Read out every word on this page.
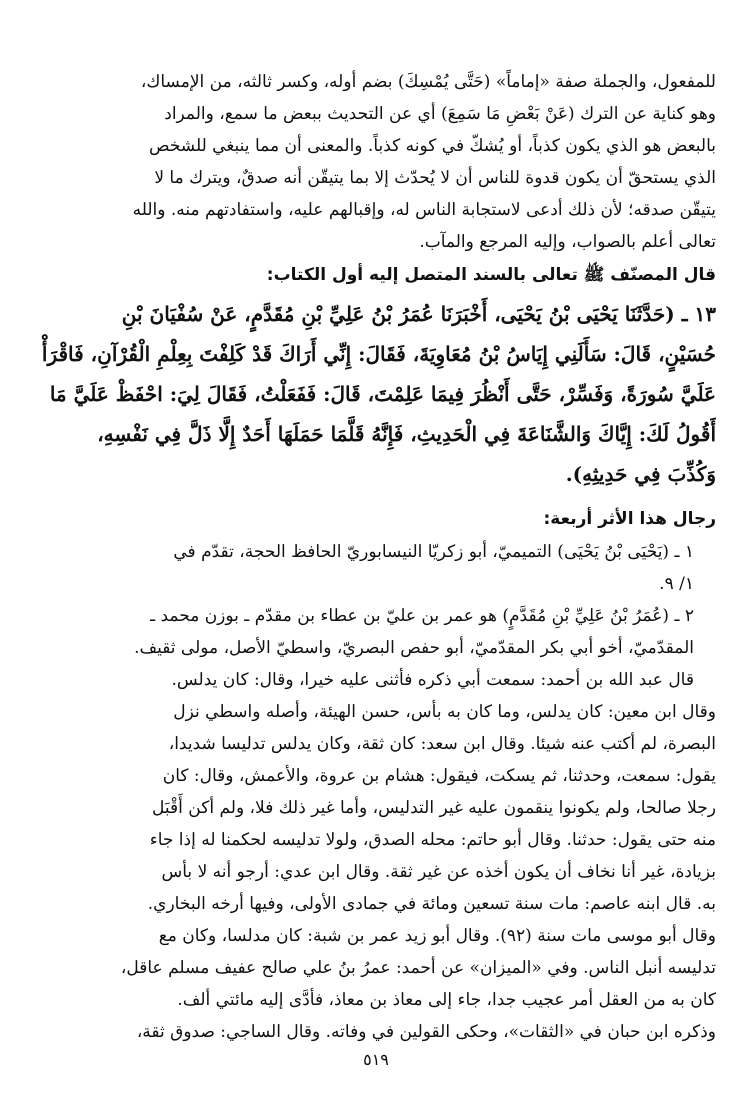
للمفعول، والجملة صفة «إماماً» (حَتَّى يُمْسِكَ) بضم أوله، وكسر ثالثه، من الإمساك،
وهو كناية عن الترك (عَنْ بَعْضِ مَا سَمِعَ) أي عن التحديث ببعض ما سمع، والمراد
بالبعض هو الذي يكون كذباً، أو يُشكّ في كونه كذباً. والمعنى أن مما ينبغي للشخص
الذي يستحقّ أن يكون قدوة للناس أن لا يُحدّث إلا بما يتيقّن أنه صدقٌ، ويترك ما لا
يتيقّن صدقه؛ لأن ذلك أدعى لاستجابة الناس له، وإقبالهم عليه، واستفادتهم منه. والله
تعالى أعلم بالصواب، وإليه المرجع والمآب.
قال المصنّف ﷺ تعالى بالسند المتصل إليه أول الكتاب:
١٣ ـ (حَدَّثَنَا يَحْيَى بْنُ يَحْيَى، أَخْبَرَنَا عُمَرُ بْنُ عَلِيِّ بْنِ مُقَدَّمٍ، عَنْ سُفْيَانَ بْنِ
حُسَيْنٍ، قَالَ: سَأَلَنِي إِيَاسُ بْنُ مُعَاوِيَةَ، فَقَالَ: إِنِّي أَرَاكَ قَدْ كَلِفْتَ بِعِلْمِ الْقُرْآنِ، فَاقْرَأْ
عَلَيَّ سُورَةً، وَفَسِّرْ، حَتَّى أَنْظُرَ فِيمَا عَلِمْتَ، قَالَ: فَفَعَلْتُ، فَقَالَ لِيَ: احْفَظْ عَلَيَّ مَا
أَقُولُ لَكَ: إِيَّاكَ وَالشَّنَاعَةَ فِي الْحَدِيثِ، فَإِنَّهُ قَلَّمَا حَمَلَهَا أَحَدٌ إِلَّا ذَلَّ فِي نَفْسِهِ،
وَكُذِّبَ فِي حَدِيثِهِ).
رجال هذا الأثر أربعة:
١ ـ (يَحْيَى بْنُ يَحْيَى) التميميّ، أبو زكريّا النيسابوريّ الحافظ الحجة، تقدّم في
١/ ٩.
٢ ـ (عُمَرُ بْنُ عَلِيِّ بْنِ مُقَدَّمٍ) هو عمر بن عليّ بن عطاء بن مقدّم ـ بوزن محمد ـ
المقدّميّ، أخو أبي بكر المقدّميّ، أبو حفص البصريّ، واسطيّ الأصل، مولى ثقيف.
قال عبد الله بن أحمد: سمعت أبي ذكره فأثنى عليه خيرا، وقال: كان يدلس.
وقال ابن معين: كان يدلس، وما كان به بأس، حسن الهيئة، وأصله واسطي نزل
البصرة، لم أكتب عنه شيئا. وقال ابن سعد: كان ثقة، وكان يدلس تدليسا شديدا،
يقول: سمعت، وحدثنا، ثم يسكت، فيقول: هشام بن عروة، والأعمش، وقال: كان
رجلا صالحا، ولم يكونوا ينقمون عليه غير التدليس، وأما غير ذلك فلا، ولم أكن أَقْبَل
منه حتى يقول: حدثنا. وقال أبو حاتم: محله الصدق، ولولا تدليسه لحكمنا له إذا جاء
بزيادة، غير أنا نخاف أن يكون أخذه عن غير ثقة. وقال ابن عدي: أرجو أنه لا بأس
به. قال ابنه عاصم: مات سنة تسعين ومائة في جمادى الأولى، وفيها أرخه البخاري.
وقال أبو موسى مات سنة (٩٢). وقال أبو زيد عمر بن شبة: كان مدلسا، وكان مع
تدليسه أنبل الناس. وفي «الميزان» عن أحمد: عمرُ بنُ علي صالح عفيف مسلم عاقل،
كان به من العقل أمر عجيب جدا، جاء إلى معاذ بن معاذ، فأدَّى إليه مائتي ألف.
وذكره ابن حبان في «الثقات»، وحكى القولين في وفاته. وقال الساجي: صدوق ثقة،
٥١٩
